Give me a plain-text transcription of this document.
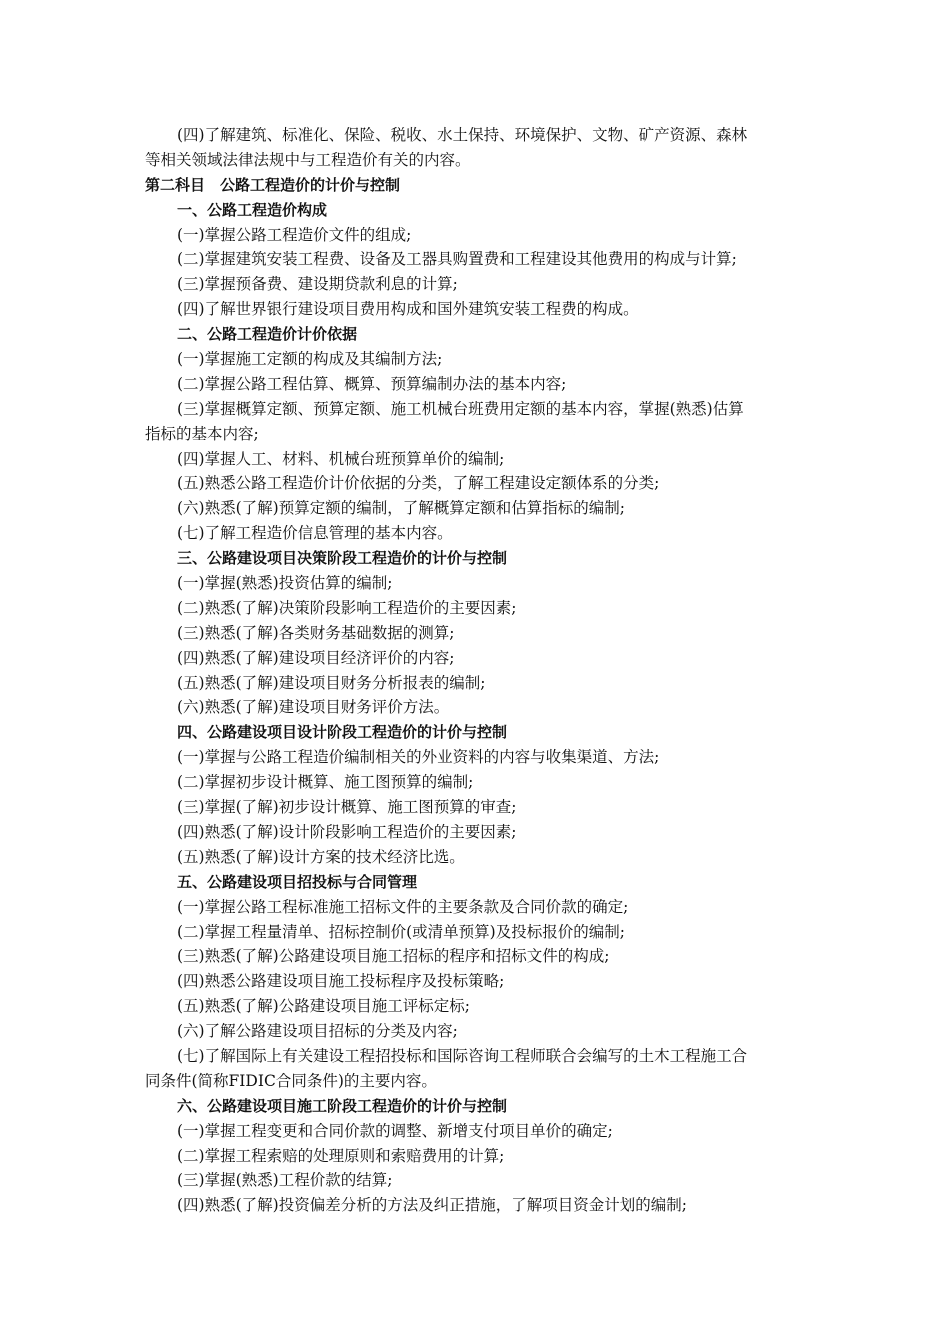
(四)了解建筑、标准化、保险、税收、水土保持、环境保护、文物、矿产资源、森林
等相关领域法律法规中与工程造价有关的内容。
第二科目　公路工程造价的计价与控制
一、公路工程造价构成
(一)掌握公路工程造价文件的组成;
(二)掌握建筑安装工程费、设备及工器具购置费和工程建设其他费用的构成与计算;
(三)掌握预备费、建设期贷款利息的计算;
(四)了解世界银行建设项目费用构成和国外建筑安装工程费的构成。
二、公路工程造价计价依据
(一)掌握施工定额的构成及其编制方法;
(二)掌握公路工程估算、概算、预算编制办法的基本内容;
(三)掌握概算定额、预算定额、施工机械台班费用定额的基本内容，掌握(熟悉)估算
指标的基本内容;
(四)掌握人工、材料、机械台班预算单价的编制;
(五)熟悉公路工程造价计价依据的分类，了解工程建设定额体系的分类;
(六)熟悉(了解)预算定额的编制，了解概算定额和估算指标的编制;
(七)了解工程造价信息管理的基本内容。
三、公路建设项目决策阶段工程造价的计价与控制
(一)掌握(熟悉)投资估算的编制;
(二)熟悉(了解)决策阶段影响工程造价的主要因素;
(三)熟悉(了解)各类财务基础数据的测算;
(四)熟悉(了解)建设项目经济评价的内容;
(五)熟悉(了解)建设项目财务分析报表的编制;
(六)熟悉(了解)建设项目财务评价方法。
四、公路建设项目设计阶段工程造价的计价与控制
(一)掌握与公路工程造价编制相关的外业资料的内容与收集渠道、方法;
(二)掌握初步设计概算、施工图预算的编制;
(三)掌握(了解)初步设计概算、施工图预算的审查;
(四)熟悉(了解)设计阶段影响工程造价的主要因素;
(五)熟悉(了解)设计方案的技术经济比选。
五、公路建设项目招投标与合同管理
(一)掌握公路工程标准施工招标文件的主要条款及合同价款的确定;
(二)掌握工程量清单、招标控制价(或清单预算)及投标报价的编制;
(三)熟悉(了解)公路建设项目施工招标的程序和招标文件的构成;
(四)熟悉公路建设项目施工投标程序及投标策略;
(五)熟悉(了解)公路建设项目施工评标定标;
(六)了解公路建设项目招标的分类及内容;
(七)了解国际上有关建设工程招投标和国际咨询工程师联合会编写的土木工程施工合
同条件(简称FIDIC合同条件)的主要内容。
六、公路建设项目施工阶段工程造价的计价与控制
(一)掌握工程变更和合同价款的调整、新增支付项目单价的确定;
(二)掌握工程索赔的处理原则和索赔费用的计算;
(三)掌握(熟悉)工程价款的结算;
(四)熟悉(了解)投资偏差分析的方法及纠正措施，了解项目资金计划的编制;
